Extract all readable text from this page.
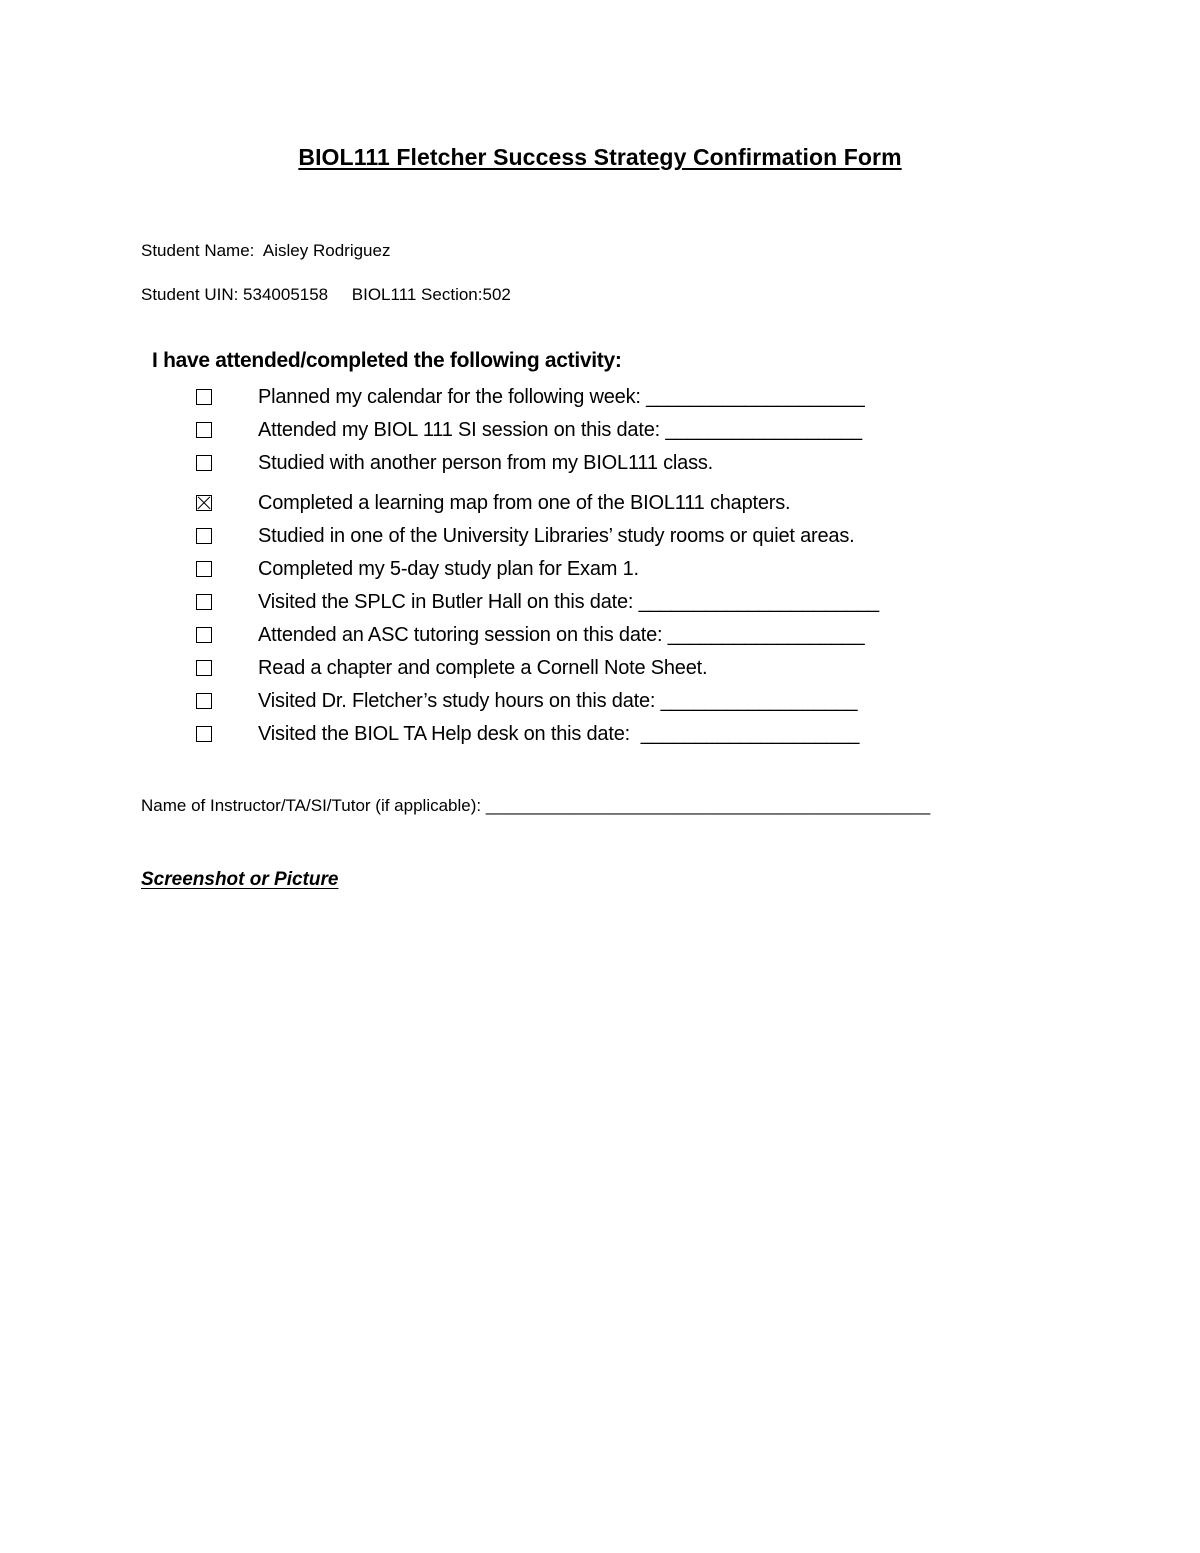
BIOL111 Fletcher Success Strategy Confirmation Form
Student Name:  Aisley Rodriguez
Student UIN: 534005158     BIOL111 Section:502
I have attended/completed the following activity:
Planned my calendar for the following week: ____________________
Attended my BIOL 111 SI session on this date: __________________
Studied with another person from my BIOL111 class.
Completed a learning map from one of the BIOL111 chapters.
Studied in one of the University Libraries’ study rooms or quiet areas.
Completed my 5-day study plan for Exam 1.
Visited the SPLC in Butler Hall on this date: ______________________
Attended an ASC tutoring session on this date: __________________
Read a chapter and complete a Cornell Note Sheet.
Visited Dr. Fletcher’s study hours on this date: __________________
Visited the BIOL TA Help desk on this date:  ____________________
Name of Instructor/TA/SI/Tutor (if applicable): _______________________________________________
Screenshot or Picture
